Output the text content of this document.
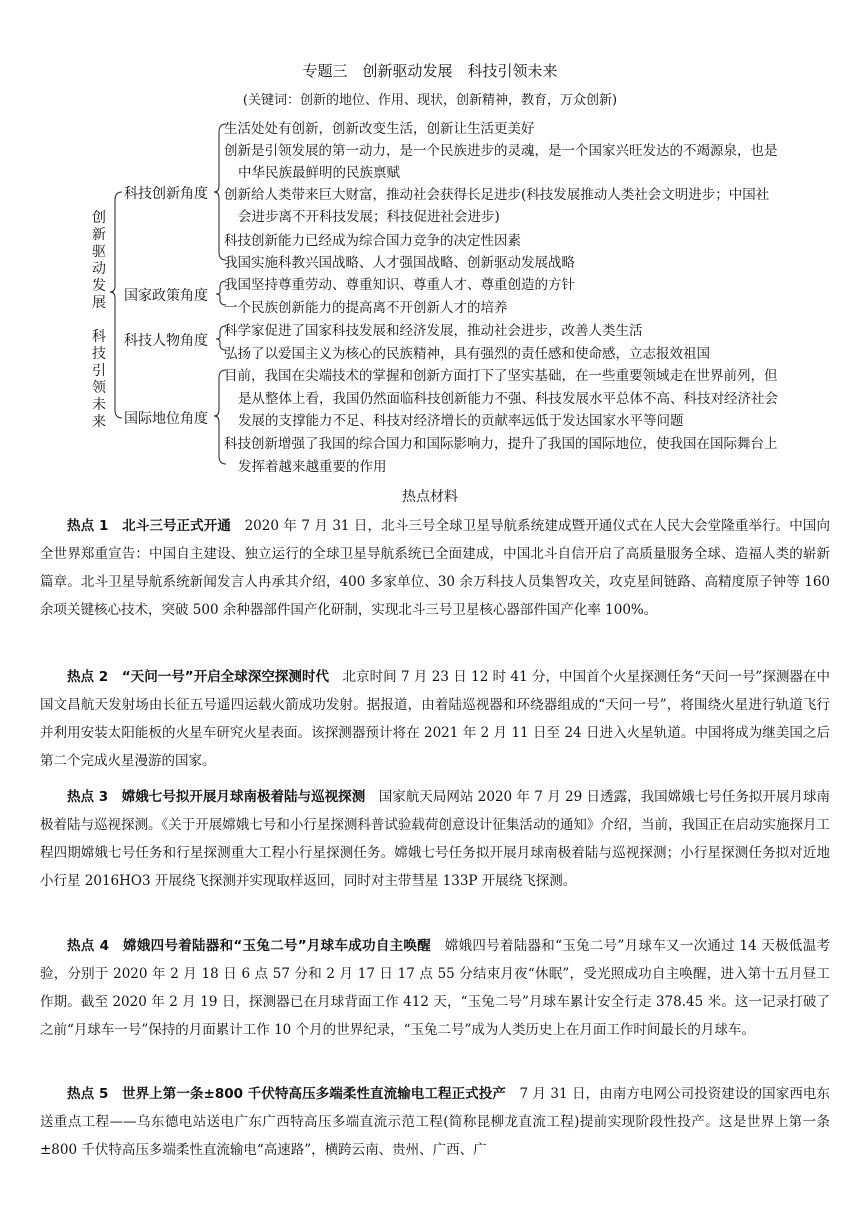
专题三　创新驱动发展　科技引领未来
(关键词：创新的地位、作用、现状，创新精神，教育，万众创新)
创
新
驱
动
发
展

科
技
引
领
未
来
科技创新角度
国家政策角度
科技人物角度
国际地位角度
生活处处有创新，创新改变生活，创新让生活更美好
创新是引领发展的第一动力，是一个民族进步的灵魂，是一个国家兴旺发达的不竭源泉，也是
中华民族最鲜明的民族禀赋
创新给人类带来巨大财富，推动社会获得长足进步(科技发展推动人类社会文明进步；中国社
会进步离不开科技发展；科技促进社会进步)
科技创新能力已经成为综合国力竞争的决定性因素
我国实施科教兴国战略、人才强国战略、创新驱动发展战略
我国坚持尊重劳动、尊重知识、尊重人才、尊重创造的方针
一个民族创新能力的提高离不开创新人才的培养
科学家促进了国家科技发展和经济发展，推动社会进步，改善人类生活
弘扬了以爱国主义为核心的民族精神，具有强烈的责任感和使命感，立志报效祖国
目前，我国在尖端技术的掌握和创新方面打下了坚实基础，在一些重要领域走在世界前列，但
是从整体上看，我国仍然面临科技创新能力不强、科技发展水平总体不高、科技对经济社会
发展的支撑能力不足、科技对经济增长的贡献率远低于发达国家水平等问题
科技创新增强了我国的综合国力和国际影响力，提升了我国的国际地位，使我国在国际舞台上
发挥着越来越重要的作用
热点材料
热点 1　北斗三号正式开通　2020 年 7 月 31 日，北斗三号全球卫星导航系统建成暨开通仪式在人民大会堂隆重举行。中国向全世界郑重宣告：中国自主建设、独立运行的全球卫星导航系统已全面建成，中国北斗自信开启了高质量服务全球、造福人类的崭新篇章。北斗卫星导航系统新闻发言人冉承其介绍，400 多家单位、30 余万科技人员集智攻关，攻克星间链路、高精度原子钟等 160 余项关键核心技术，突破 500 余种器部件国产化研制，实现北斗三号卫星核心器部件国产化率 100%。
热点 2　“天问一号”开启全球深空探测时代　北京时间 7 月 23 日 12 时 41 分，中国首个火星探测任务“天问一号”探测器在中国文昌航天发射场由长征五号遥四运载火箭成功发射。据报道，由着陆巡视器和环绕器组成的“天问一号”，将围绕火星进行轨道飞行并利用安装太阳能板的火星车研究火星表面。该探测器预计将在 2021 年 2 月 11 日至 24 日进入火星轨道。中国将成为继美国之后第二个完成火星漫游的国家。
热点 3　嫦娥七号拟开展月球南极着陆与巡视探测　国家航天局网站 2020 年 7 月 29 日透露，我国嫦娥七号任务拟开展月球南极着陆与巡视探测。《关于开展嫦娥七号和小行星探测科普试验载荷创意设计征集活动的通知》介绍，当前，我国正在启动实施探月工程四期嫦娥七号任务和行星探测重大工程小行星探测任务。嫦娥七号任务拟开展月球南极着陆与巡视探测；小行星探测任务拟对近地小行星 2016HO3 开展绕飞探测并实现取样返回，同时对主带彗星 133P 开展绕飞探测。
热点 4　嫦娥四号着陆器和“玉兔二号”月球车成功自主唤醒　嫦娥四号着陆器和“玉兔二号”月球车又一次通过 14 天极低温考验，分别于 2020 年 2 月 18 日 6 点 57 分和 2 月 17 日 17 点 55 分结束月夜“休眠”，受光照成功自主唤醒，进入第十五月昼工作期。截至 2020 年 2 月 19 日，探测器已在月球背面工作 412 天，“玉兔二号”月球车累计安全行走 378.45 米。这一记录打破了之前“月球车一号”保持的月面累计工作 10 个月的世界纪录，“玉兔二号”成为人类历史上在月面工作时间最长的月球车。
热点 5　世界上第一条±800 千伏特高压多端柔性直流输电工程正式投产　7 月 31 日，由南方电网公司投资建设的国家西电东送重点工程——乌东德电站送电广东广西特高压多端直流示范工程(简称昆柳龙直流工程)提前实现阶段性投产。这是世界上第一条±800 千伏特高压多端柔性直流输电“高速路”，横跨云南、贵州、广西、广
